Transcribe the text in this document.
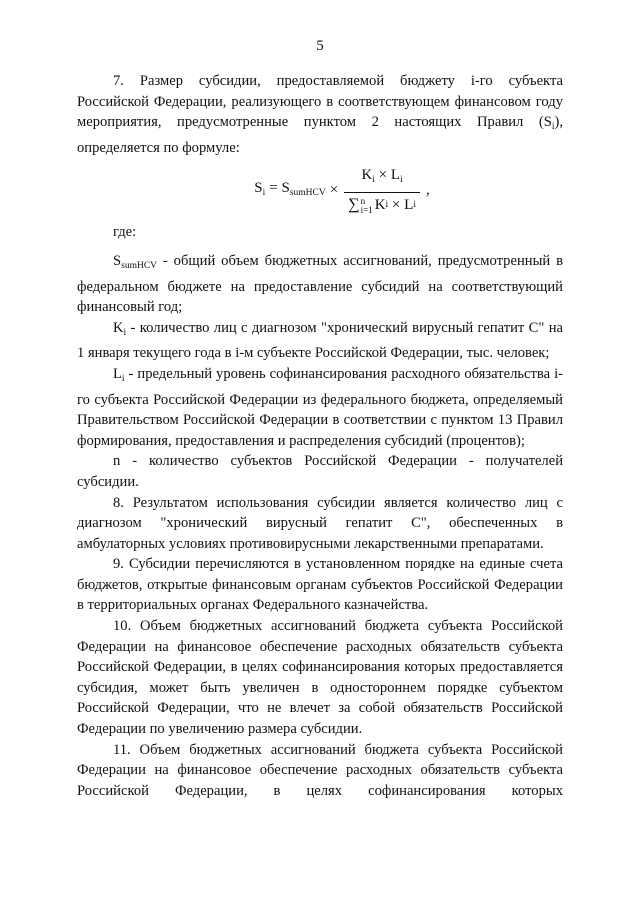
5

7. Размер субсидии, предоставляемой бюджету i-го субъекта Российской Федерации, реализующего в соответствующем финансовом году мероприятия, предусмотренные пунктом 2 настоящих Правил $(S_i)$, определяется по формуле:

$S_i = S_{sumHCV} \times K_i \times L_i$
∑ n
i=1 K i
×
L i ,

где:

$S_{sumHCV}$ - общий объем бюджетных ассигнований, предусмотренный в федеральном бюджете на предоставление субсидий на соответствующий финансовый год;

$K_i$ - количество лиц с диагнозом "хронический вирусный гепатит C" на 1 января текущего года в i-м субъекте Российской Федерации, тыс. человек;

$L_i$ - предельный уровень софинансирования расходного обязательства i-го субъекта Российской Федерации из федерального бюджета, определяемый Правительством Российской Федерации в соответствии с пунктом 13 Правил формирования, предоставления и распределения субсидий (процентов);

n - количество субъектов Российской Федерации - получателей субсидии.

8. Результатом использования субсидии является количество лиц с диагнозом "хронический вирусный гепатит C", обеспеченных в амбулаторных условиях противовирусными лекарственными препаратами.

9. Субсидии перечисляются в установленном порядке на единые счета бюджетов, открытые финансовым органам субъектов Российской Федерации в территориальных органах Федерального казначейства.

10. Объем бюджетных ассигнований бюджета субъекта Российской Федерации на финансовое обеспечение расходных обязательств субъекта Российской Федерации, в целях софинансирования которых предоставляется субсидия, может быть увеличен в одностороннем порядке субъектом Российской Федерации, что не влечет за собой обязательств Российской Федерации по увеличению размера субсидии.

11. Объем бюджетных ассигнований бюджета субъекта Российской Федерации на финансовое обеспечение расходных обязательств субъекта Российской Федерации, в целях софинансирования которых
